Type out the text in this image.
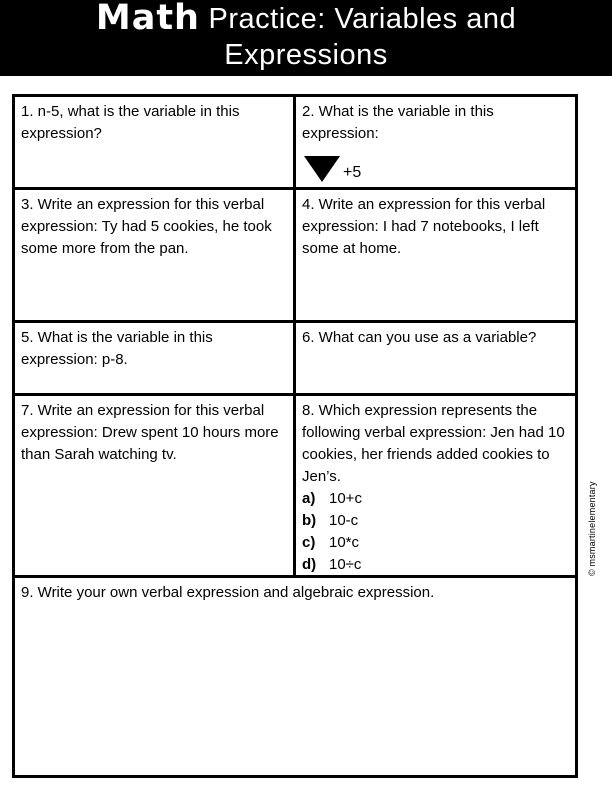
Math Practice: Variables and
Expressions
1. n-5, what is the variable in this expression?
2. What is the variable in this expression:
+5
3. Write an expression for this verbal expression: Ty had 5 cookies, he took some more from the pan.
4. Write an expression for this verbal expression: I had 7 notebooks, I left some at home.
5. What is the variable in this expression: p-8.
6. What can you use as a variable?
7. Write an expression for this verbal expression: Drew spent 10 hours more than Sarah watching tv.
8. Which expression represents the following verbal expression: Jen had 10 cookies, her friends added cookies to Jen’s.
a) 10+c
b) 10-c
c) 10*c
d) 10÷c
9. Write your own verbal expression and algebraic expression.
© msmartinelementary
